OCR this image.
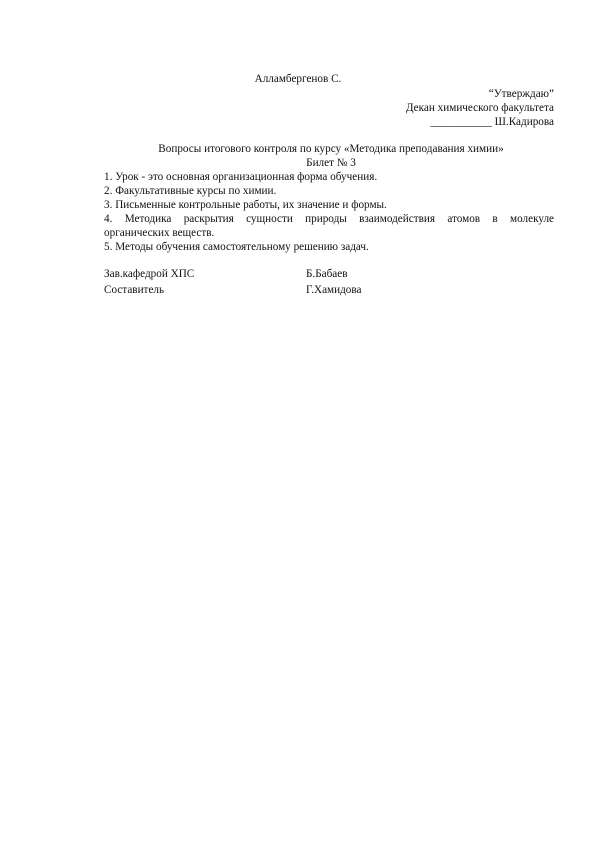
Алламбергенов С.
“Утверждаю”
Декан химического факультета
___________ Ш.Кадирова
Вопросы итогового контроля по курсу «Методика преподавания химии»
Билет № 3
1. Урок - это основная организационная форма обучения.
2. Факультативные курсы по химии.
3. Письменные контрольные работы, их значение и формы.
4. Методика раскрытия сущности природы взаимодействия атомов в молекуле
органических веществ.
5. Методы обучения самостоятельному решению задач.
Зав.кафедрой ХПС	Б.Бабаев
Составитель	Г.Хамидова
